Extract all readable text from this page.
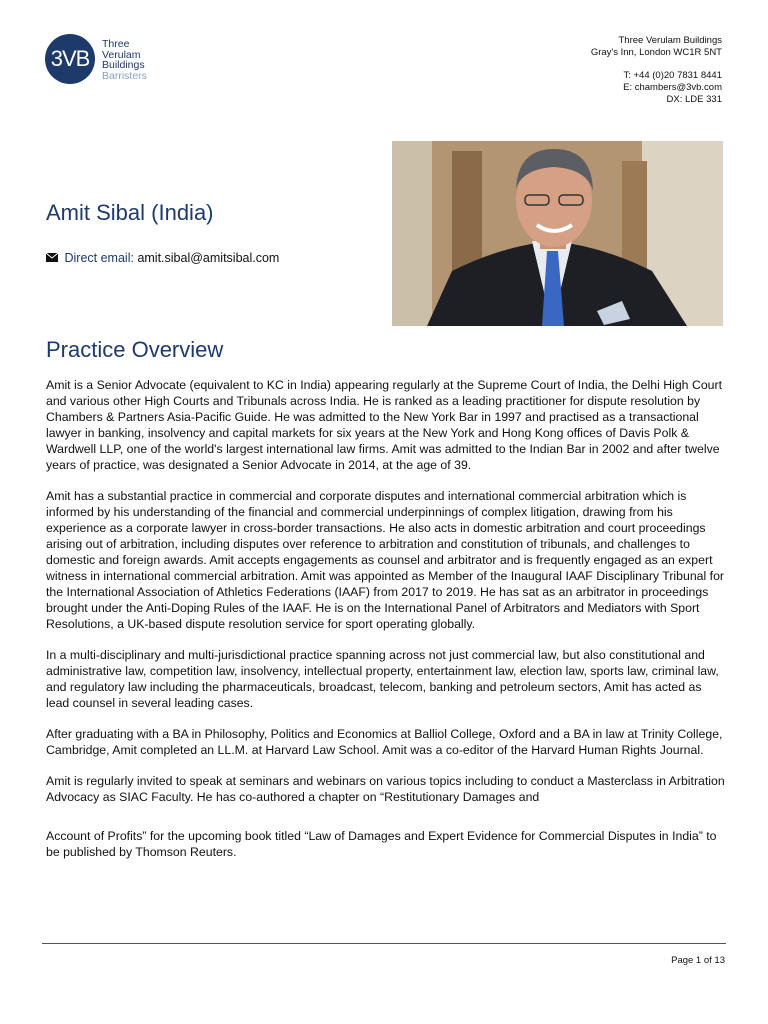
3VB
Three
Verulam
Buildings
Barristers
Three Verulam Buildings
Gray's Inn, London WC1R 5NT
T: +44 (0)20 7831 8441
E: chambers@3vb.com
DX: LDE 331
Amit Sibal (India)
Direct email: amit.sibal@amitsibal.com
Practice Overview

Amit is a Senior Advocate (equivalent to KC in India) appearing regularly at the Supreme Court of India, the Delhi High Court and various other High Courts and Tribunals across India. He is ranked as a leading practitioner for dispute resolution by Chambers & Partners Asia-Pacific Guide. He was admitted to the New York Bar in 1997 and practised as a transactional lawyer in banking, insolvency and capital markets for six years at the New York and Hong Kong offices of Davis Polk & Wardwell LLP, one of the world's largest international law firms. Amit was admitted to the Indian Bar in 2002 and after twelve years of practice, was designated a Senior Advocate in 2014, at the age of 39.

Amit has a substantial practice in commercial and corporate disputes and international commercial arbitration which is informed by his understanding of the financial and commercial underpinnings of complex litigation, drawing from his experience as a corporate lawyer in cross-border transactions. He also acts in domestic arbitration and court proceedings arising out of arbitration, including disputes over reference to arbitration and constitution of tribunals, and challenges to domestic and foreign awards. Amit accepts engagements as counsel and arbitrator and is frequently engaged as an expert witness in international commercial arbitration. Amit was appointed as Member of the Inaugural IAAF Disciplinary Tribunal for the International Association of Athletics Federations (IAAF) from 2017 to 2019. He has sat as an arbitrator in proceedings brought under the Anti-Doping Rules of the IAAF. He is on the International Panel of Arbitrators and Mediators with Sport Resolutions, a UK-based dispute resolution service for sport operating globally.

In a multi-disciplinary and multi-jurisdictional practice spanning across not just commercial law, but also constitutional and administrative law, competition law, insolvency, intellectual property, entertainment law, election law, sports law, criminal law, and regulatory law including the pharmaceuticals, broadcast, telecom, banking and petroleum sectors, Amit has acted as lead counsel in several leading cases.

After graduating with a BA in Philosophy, Politics and Economics at Balliol College, Oxford and a BA in law at Trinity College, Cambridge, Amit completed an LL.M. at Harvard Law School. Amit was a co-editor of the Harvard Human Rights Journal.

Amit is regularly invited to speak at seminars and webinars on various topics including to conduct a Masterclass in Arbitration Advocacy as SIAC Faculty. He has co-authored a chapter on “Restitutionary Damages and

Account of Profits” for the upcoming book titled “Law of Damages and Expert Evidence for Commercial Disputes in India” to be published by Thomson Reuters.

Page 1 of 13
